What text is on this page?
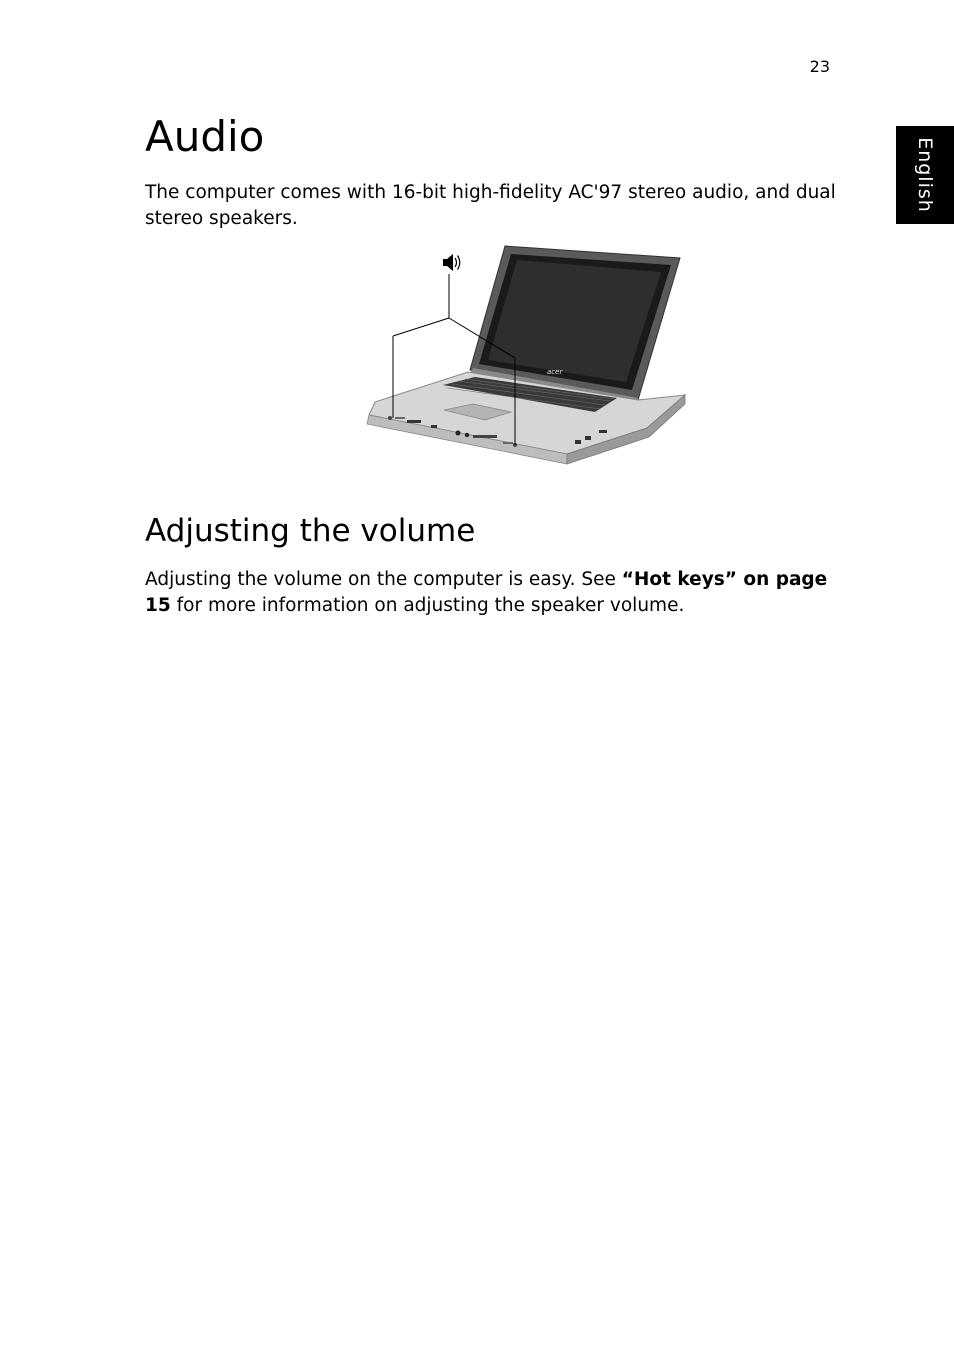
23
English
Audio

The computer comes with 16-bit high-fidelity AC'97 stereo audio, and dual stereo speakers.

acer
Adjusting the volume

Adjusting the volume on the computer is easy. See “Hot keys” on page 15 for more information on adjusting the speaker volume.
